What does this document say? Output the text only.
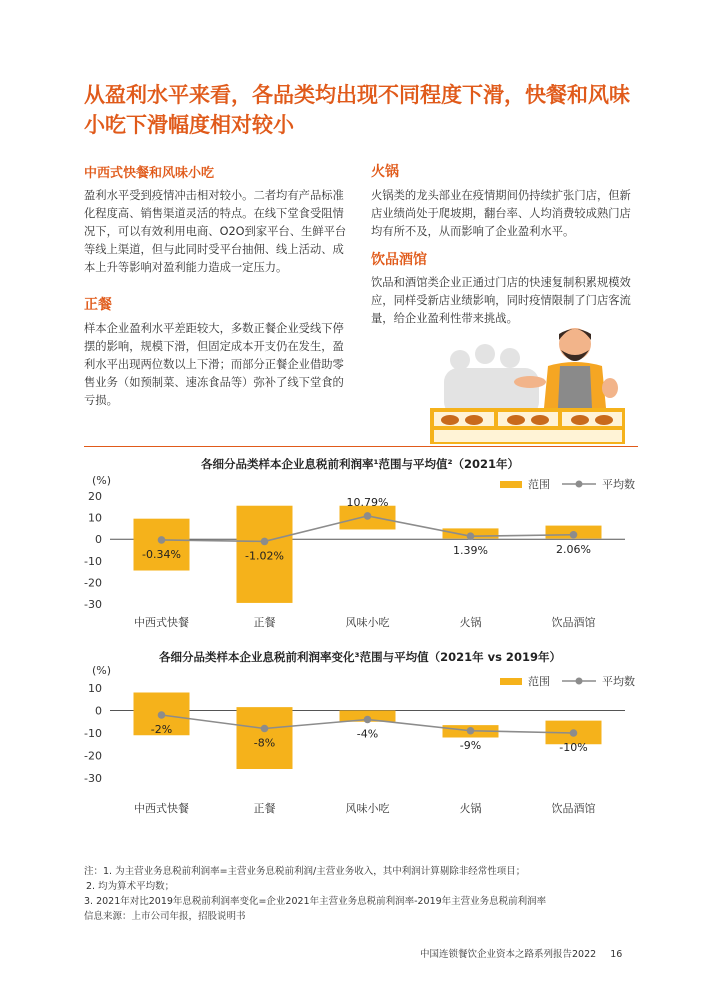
从盈利水平来看，各品类均出现不同程度下滑，快餐和风味小吃下滑幅度相对较小
中西式快餐和风味小吃

盈利水平受到疫情冲击相对较小。二者均有产品标准化程度高、销售渠道灵活的特点。在线下堂食受阻情况下，可以有效利用电商、O2O到家平台、生鲜平台等线上渠道，但与此同时受平台抽佣、线上活动、成本上升等影响对盈利能力造成一定压力。

正餐

样本企业盈利水平差距较大，多数正餐企业受线下停摆的影响，规模下滑，但固定成本开支仍在发生，盈利水平出现两位数以上下滑；而部分正餐企业借助零售业务（如预制菜、速冻食品等）弥补了线下堂食的亏损。

火锅

火锅类的龙头部业在疫情期间仍持续扩张门店，但新店业绩尚处于爬坡期，翻台率、人均消费较成熟门店均有所不及，从而影响了企业盈利水平。

饮品酒馆

饮品和酒馆类企业正通过门店的快速复制积累规模效应，同样受新店业绩影响，同时疫情限制了门店客流量，给企业盈利性带来挑战。

各细分品类样本企业息税前利润率¹范围与平均值²（2021年）

(%)
20
10
0
-10
-20
-30
中西式快餐	正餐	风味小吃	火锅	饮品酒馆
-0.34%	-1.02%
10.79%
1.39%	2.06%
范围	平均数

各细分品类样本企业息税前利润率变化³范围与平均值（2021年 vs 2019年）

(%)
10
0
-10
-20
-30
中西式快餐	正餐	风味小吃	火锅	饮品酒馆
-2%
-8%
-4%
-9%	-10%
范围	平均数

注：1. 为主营业务息税前利润率=主营业务息税前利润/主营业务收入，其中利润计算剔除非经常性项目；

2. 均为算术平均数；

3. 2021年对比2019年息税前利润率变化=企业2021年主营业务息税前利润率-2019年主营业务息税前利润率

信息来源：上市公司年报，招股说明书

中国连锁餐饮企业资本之路系列报告2022 16
